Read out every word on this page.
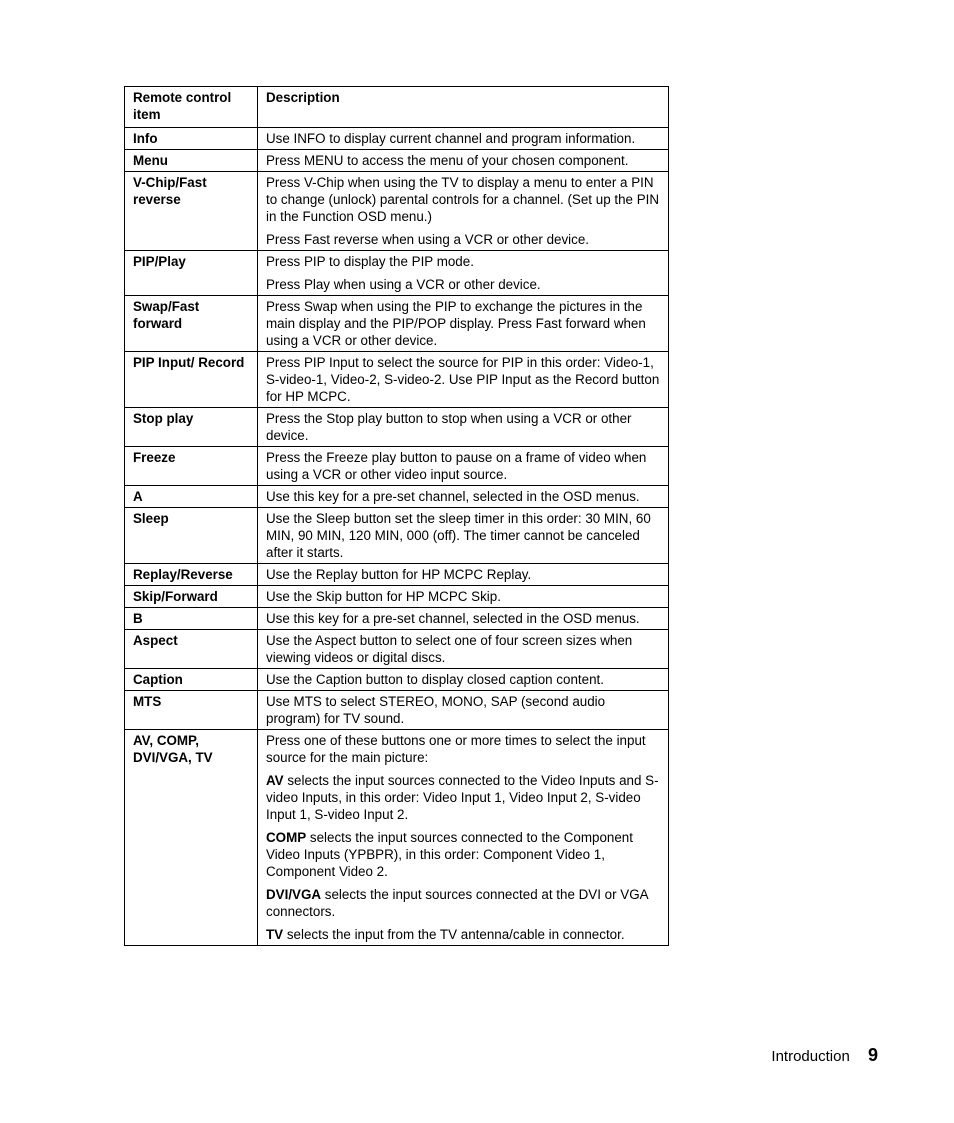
Remote control item	Description
Info	Use INFO to display current channel and program information.

Menu	Press MENU to access the menu of your chosen component.

V-Chip/Fast reverse	Press V-Chip when using the TV to display a menu to enter a PIN to change (unlock) parental controls for a channel. (Set up the PIN in the Function OSD menu.)

Press Fast reverse when using a VCR or other device.

PIP/Play	Press PIP to display the PIP mode.

Press Play when using a VCR or other device.

Swap/Fast forward	Press Swap when using the PIP to exchange the pictures in the main display and the PIP/POP display. Press Fast forward when using a VCR or other device.

PIP Input/ Record	Press PIP Input to select the source for PIP in this order: Video-1, S-video-1, Video-2, S-video-2. Use PIP Input as the Record button for HP MCPC.

Stop play	Press the Stop play button to stop when using a VCR or other device.

Freeze	Press the Freeze play button to pause on a frame of video when using a VCR or other video input source.

A	Use this key for a pre-set channel, selected in the OSD menus.

Sleep	Use the Sleep button set the sleep timer in this order: 30 MIN, 60 MIN, 90 MIN, 120 MIN, 000 (off). The timer cannot be canceled after it starts.

Replay/Reverse	Use the Replay button for HP MCPC Replay.

Skip/Forward	Use the Skip button for HP MCPC Skip.

B	Use this key for a pre-set channel, selected in the OSD menus.

Aspect	Use the Aspect button to select one of four screen sizes when viewing videos or digital discs.

Caption	Use the Caption button to display closed caption content.

MTS	Use MTS to select STEREO, MONO, SAP (second audio program) for TV sound.

AV, COMP, DVI/VGA, TV	Press one of these buttons one or more times to select the input source for the main picture:

AV selects the input sources connected to the Video Inputs and S-video Inputs, in this order: Video Input 1, Video Input 2, S-video Input 1, S-video Input 2.

COMP selects the input sources connected to the Component Video Inputs (YPBPR), in this order: Component Video 1, Component Video 2.

DVI/VGA selects the input sources connected at the DVI or VGA connectors.

TV selects the input from the TV antenna/cable in connector.

Introduction 9
